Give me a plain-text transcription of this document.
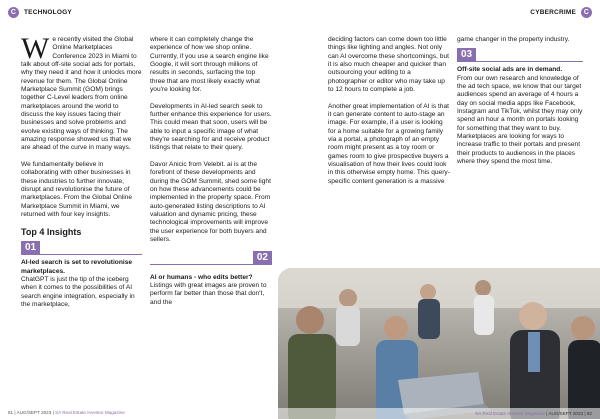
C	TECHNOLOGY

We recently visited the Global Online Marketplaces Conference 2023 in Miami to talk about off-site social ads for portals, why they need it and how it unlocks more revenue for them. The Global Online Marketplace Summit (GOM) brings together C-Level leaders from online marketplaces around the world to discuss the key issues facing their businesses and solve problems and evolve existing ways of thinking. The amazing response showed us that we are ahead of the curve in many ways.

We fundamentally believe in collaborating with other businesses in these industries to further innovate, disrupt and revolutionise the future of marketplaces. From the Global Online Marketplace Summit in Miami, we returned with four key insights.

Top 4 Insights
01
AI-led search is set to revolutionise marketplaces.
ChatGPT is just the tip of the iceberg when it comes to the possibilities of AI search engine integration, especially in the marketplace,

where it can completely change the experience of how we shop online. Currently, if you use a search engine like Google, it will sort through millions of results in seconds, surfacing the top three that are most likely exactly what you're looking for.

Developments in AI-led search seek to further enhance this experience for users. This could mean that soon, users will be able to input a specific image of what they're searching for and receive product listings that relate to their query.

Davor Anicic from Velebit. ai is at the forefront of these developments and during the GOM Summit, shed some light on how these advancements could be implemented in the property space. From auto-generated listing descriptions to AI valuation and dynamic pricing, these technological improvements will improve the user experience for both buyers and sellers.

02
AI or humans - who edits better?
Listings with great images are proven to perform far better than those that don't, and the
81 | AUG/SEPT 2023 | SA Real Estate Investor Magazine
CYBERCRIME	C

deciding factors can come down too little things like lighting and angles. Not only can AI overcome these shortcomings, but it is also much cheaper and quicker than outsourcing your editing to a photographer or editor who may take up to 12 hours to complete a job.

Another great implementation of AI is that it can generate content to auto-stage an image. For example, if a user is looking for a home suitable for a growing family via a portal, a photograph of an empty room might present as a toy room or games room to give prospective buyers a visualisation of how their lives could look in this otherwise empty home. This query-specific content generation is a massive

game changer in the property industry.
03
Off-site social ads are in demand.
From our own research and knowledge of the ad tech space, we know that our target audiences spend an average of 4 hours a day on social media apps like Facebook, Instagram and TikTok, whilst they may only spend an hour a month on portals looking for something that they want to buy. Marketplaces are looking for ways to increase traffic to their portals and present their products to audiences in the places where they spend the most time.
SA Real Estate Investor Magazine | AUG/SEPT 2023 | 82
